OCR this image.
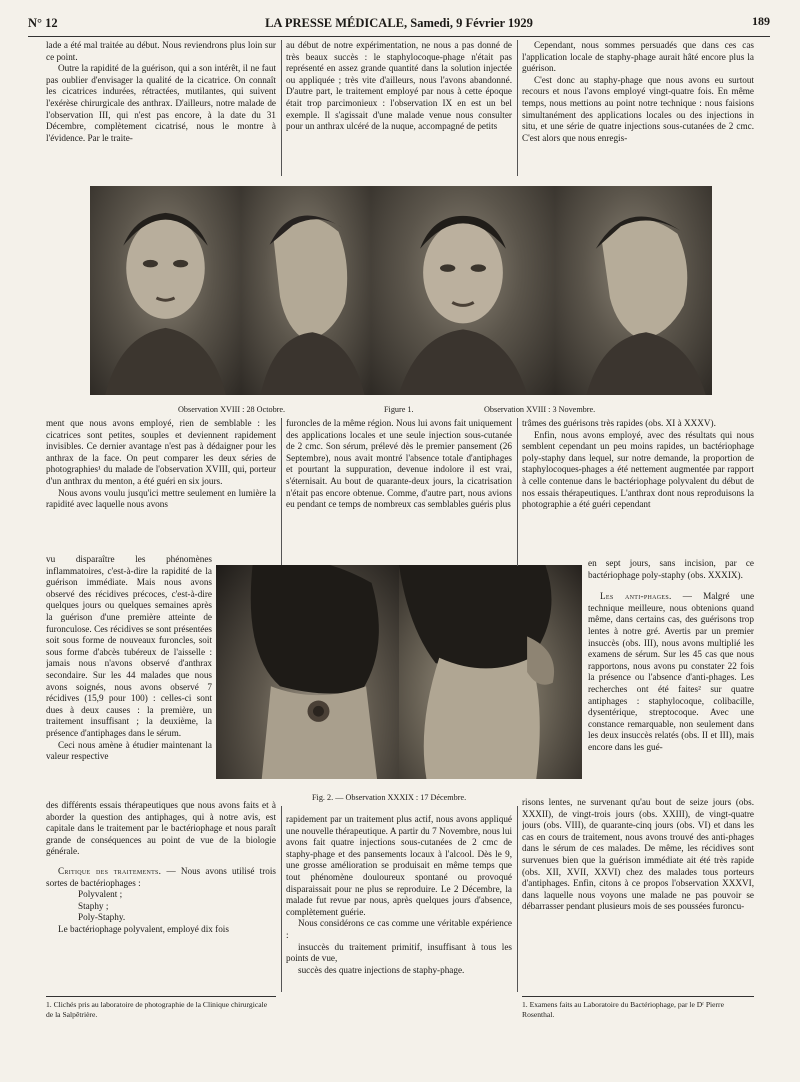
N° 12	LA PRESSE MÉDICALE, Samedi, 9 Février 1929	189

lade a été mal traitée au début. Nous reviendrons plus loin sur ce point.

Outre la rapidité de la guérison, qui a son intérêt, il ne faut pas oublier d'envisager la qualité de la cicatrice. On connaît les cicatrices indurées, rétractées, mutilantes, qui suivent l'exérèse chirurgicale des anthrax. D'ailleurs, notre malade de l'observation III, qui n'est pas encore, à la date du 31 Décembre, complètement cicatrisé, nous le montre à l'évidence. Par le traite-

au début de notre expérimentation, ne nous a pas donné de très beaux succès : le staphylocoque-phage n'était pas représenté en assez grande quantité dans la solution injectée ou appliquée ; très vite d'ailleurs, nous l'avons abandonné. D'autre part, le traitement employé par nous à cette époque était trop parcimonieux : l'observation IX en est un bel exemple. Il s'agissait d'une malade venue nous consulter pour un anthrax ulcéré de la nuque, accompagné de petits

Cependant, nous sommes persuadés que dans ces cas l'application locale de staphy-phage aurait hâté encore plus la guérison.

C'est donc au staphy-phage que nous avons eu surtout recours et nous l'avons employé vingt-quatre fois. En même temps, nous mettions au point notre technique : nous faisions simultanément des applications locales ou des injections in situ, et une série de quatre injections sous-cutanées de 2 cmc. C'est alors que nous enregis-

Observation XVIII : 28 Octobre.	Figure 1.	Observation XVIII : 3 Novembre.

ment que nous avons employé, rien de semblable : les cicatrices sont petites, souples et deviennent rapidement invisibles. Ce dernier avantage n'est pas à dédaigner pour les anthrax de la face. On peut comparer les deux séries de photographies¹ du malade de l'observation XVIII, qui, porteur d'un anthrax du menton, a été guéri en six jours.

Nous avons voulu jusqu'ici mettre seulement en lumière la rapidité avec laquelle nous avons

vu disparaître les phénomènes inflammatoires, c'est-à-dire la rapidité de la guérison immédiate. Mais nous avons observé des récidives précoces, c'est-à-dire quelques jours ou quelques semaines après la guérison d'une première atteinte de furonculose. Ces récidives se sont présentées soit sous forme de nouveaux furoncles, soit sous forme d'abcès tubéreux de l'aisselle : jamais nous n'avons observé d'anthrax secondaire. Sur les 44 malades que nous avons soignés, nous avons observé 7 récidives (15,9 pour 100) : celles-ci sont dues à deux causes : la première, un traitement insuffisant ; la deuxième, la présence d'antiphages dans le sérum.

Ceci nous amène à étudier maintenant la valeur respective

des différents essais thérapeutiques que nous avons faits et à aborder la question des antiphages, qui à notre avis, est capitale dans le traitement par le bactériophage et nous paraît grande de conséquences au point de vue de la biologie générale.

Critique des traitements. — Nous avons utilisé trois sortes de bactériophages :

Polyvalent ;

Staphy ;

Poly-Staphy.

Le bactériophage polyvalent, employé dix fois

furoncles de la même région. Nous lui avons fait uniquement des applications locales et une seule injection sous-cutanée de 2 cmc. Son sérum, prélevé dès le premier pansement (26 Septembre), nous avait montré l'absence totale d'antiphages et pourtant la suppuration, devenue indolore il est vrai, s'éternisait. Au bout de quarante-deux jours, la cicatrisation n'était pas encore obtenue. Comme, d'autre part, nous avions eu pendant ce temps de nombreux cas semblables guéris plus

Fig. 2. — Observation XXXIX : 17 Décembre.

rapidement par un traitement plus actif, nous avons appliqué une nouvelle thérapeutique. A partir du 7 Novembre, nous lui avons fait quatre injections sous-cutanées de 2 cmc de staphy-phage et des pansements locaux à l'alcool. Dès le 9, une grosse amélioration se produisait en même temps que tout phénomène douloureux spontané ou provoqué disparaissait pour ne plus se reproduire. Le 2 Décembre, la malade fut revue par nous, après quelques jours d'absence, complètement guérie.

Nous considérons ce cas comme une véritable expérience :

insuccès du traitement primitif, insuffisant à tous les points de vue,

succès des quatre injections de staphy-phage.

trâmes des guérisons très rapides (obs. XI à XXXV).

Enfin, nous avons employé, avec des résultats qui nous semblent cependant un peu moins rapides, un bactériophage poly-staphy dans lequel, sur notre demande, la proportion de staphylocoques-phages a été nettement augmentée par rapport à celle contenue dans le bactériophage polyvalent du début de nos essais thérapeutiques. L'anthrax dont nous reproduisons la photographie a été guéri cependant

en sept jours, sans incision, par ce bactériophage poly-staphy (obs. XXXIX).

Les anti-phages. — Malgré une technique meilleure, nous obtenions quand même, dans certains cas, des guérisons trop lentes à notre gré. Avertis par un premier insuccès (obs. III), nous avons multiplié les examens de sérum. Sur les 45 cas que nous rapportons, nous avons pu constater 22 fois la présence ou l'absence d'anti-phages. Les recherches ont été faites² sur quatre antiphages : staphylocoque, colibacille, dysentérique, streptocoque. Avec une constance remarquable, non seulement dans les deux insuccès relatés (obs. II et III), mais encore dans les gué-

risons lentes, ne survenant qu'au bout de seize jours (obs. XXXII), de vingt-trois jours (obs. XXIII), de vingt-quatre jours (obs. VIII), de quarante-cinq jours (obs. VI) et dans les cas en cours de traitement, nous avons trouvé des anti-phages dans le sérum de ces malades. De même, les récidives sont survenues bien que la guérison immédiate ait été très rapide (obs. XII, XVII, XXVI) chez des malades tous porteurs d'antiphages. Enfin, citons à ce propos l'observation XXXVI, dans laquelle nous voyons une malade ne pas pouvoir se débarrasser pendant plusieurs mois de ses poussées furoncu-

1. Clichés pris au laboratoire de photographie de la Clinique chirurgicale de la Salpêtrière.
1. Examens faits au Laboratoire du Bactériophage, par le Dʳ Pierre Rosenthal.
